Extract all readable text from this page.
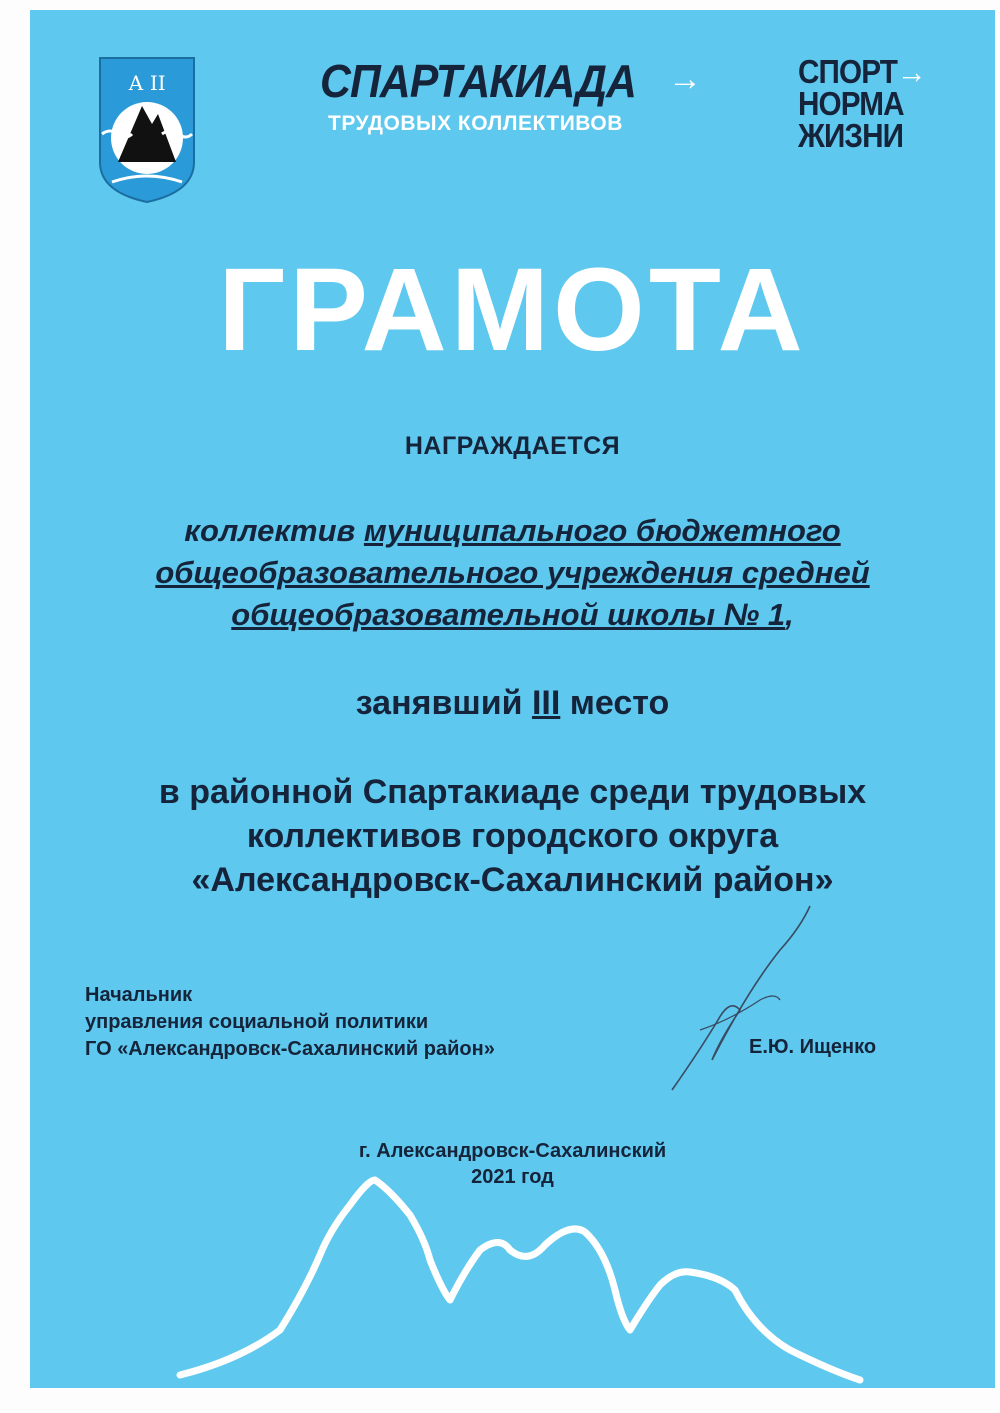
А II	СПАРТАКИАДА →
ТРУДОВЫХ КОЛЛЕКТИВОВ
СПОРТ→
НОРМА
ЖИЗНИ
ГРАМОТА
НАГРАЖДАЕТСЯ
коллектив муниципального бюджетного
общеобразовательного учреждения средней
общеобразовательной школы № 1,
занявший III место
в районной Спартакиаде среди трудовых
коллективов городского округа
«Александровск-Сахалинский район»
Начальник
управления социальной политики
ГО «Александровск-Сахалинский район»	Е.Ю. Ищенко
г. Александровск-Сахалинский
2021 год
